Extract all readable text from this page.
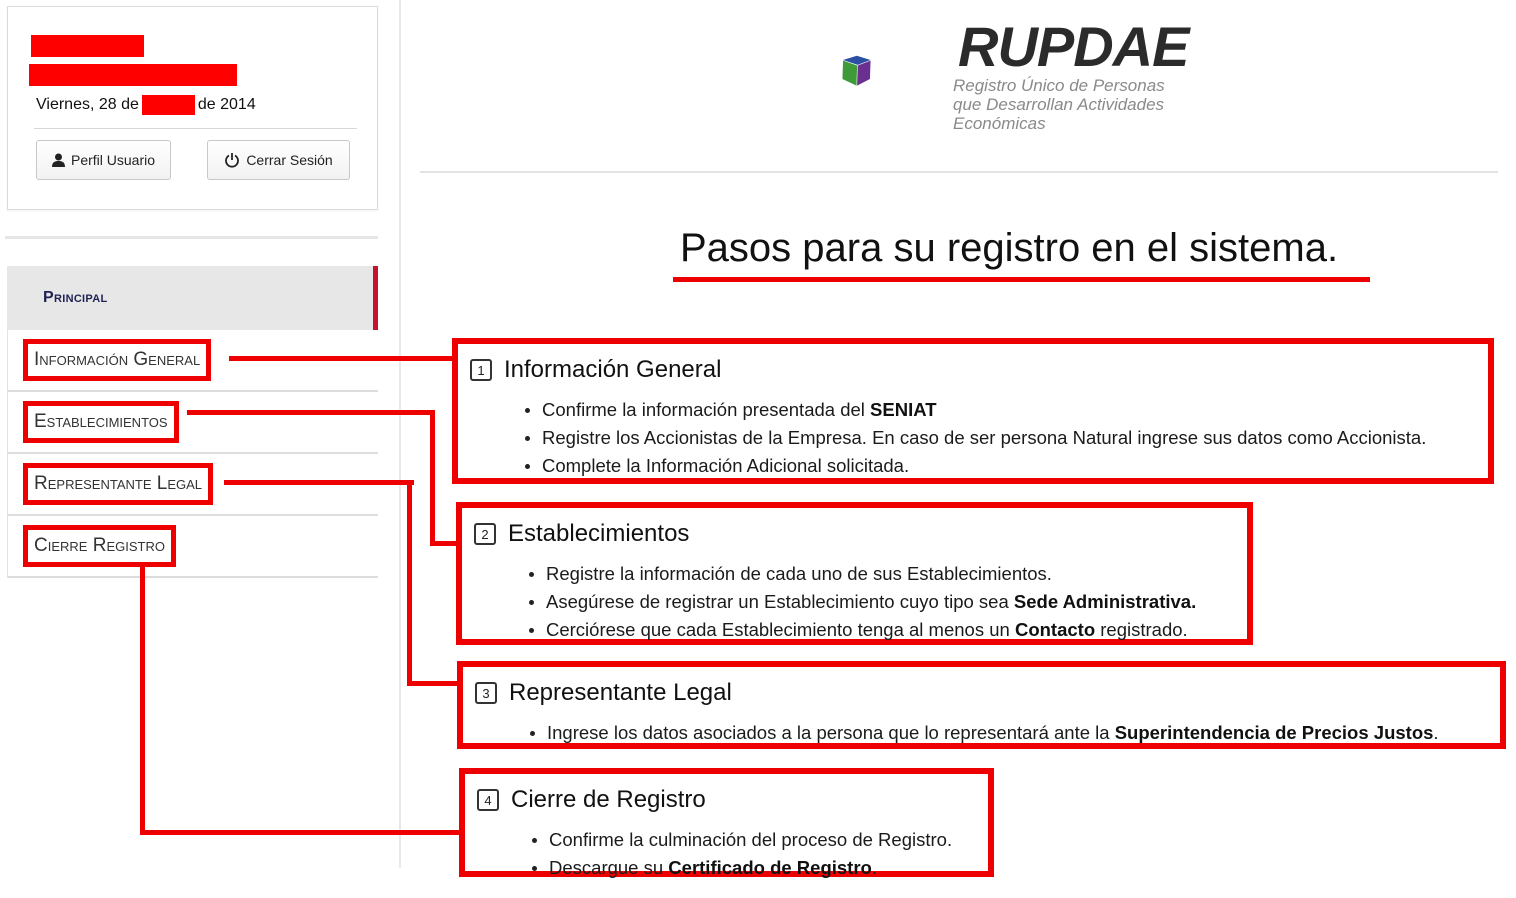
Viernes, 28 de	de 2014
Perfil Usuario	Cerrar Sesión
Principal
Información General
Establecimientos
Representante Legal
Cierre Registro
RUPDAE
Registro Único de Personas
que Desarrollan Actividades
Económicas
Pasos para su registro en el sistema.
1 Información General
Confirme la información presentada del SENIAT
Registre los Accionistas de la Empresa. En caso de ser persona Natural ingrese sus datos como Accionista.
Complete la Información Adicional solicitada.
2 Establecimientos
Registre la información de cada uno de sus Establecimientos.
Asegúrese de registrar un Establecimiento cuyo tipo sea Sede Administrativa.
Cerciórese que cada Establecimiento tenga al menos un Contacto registrado.
3 Representante Legal
Ingrese los datos asociados a la persona que lo representará ante la Superintendencia de Precios Justos.
4 Cierre de Registro
Confirme la culminación del proceso de Registro.
Descargue su Certificado de Registro.
